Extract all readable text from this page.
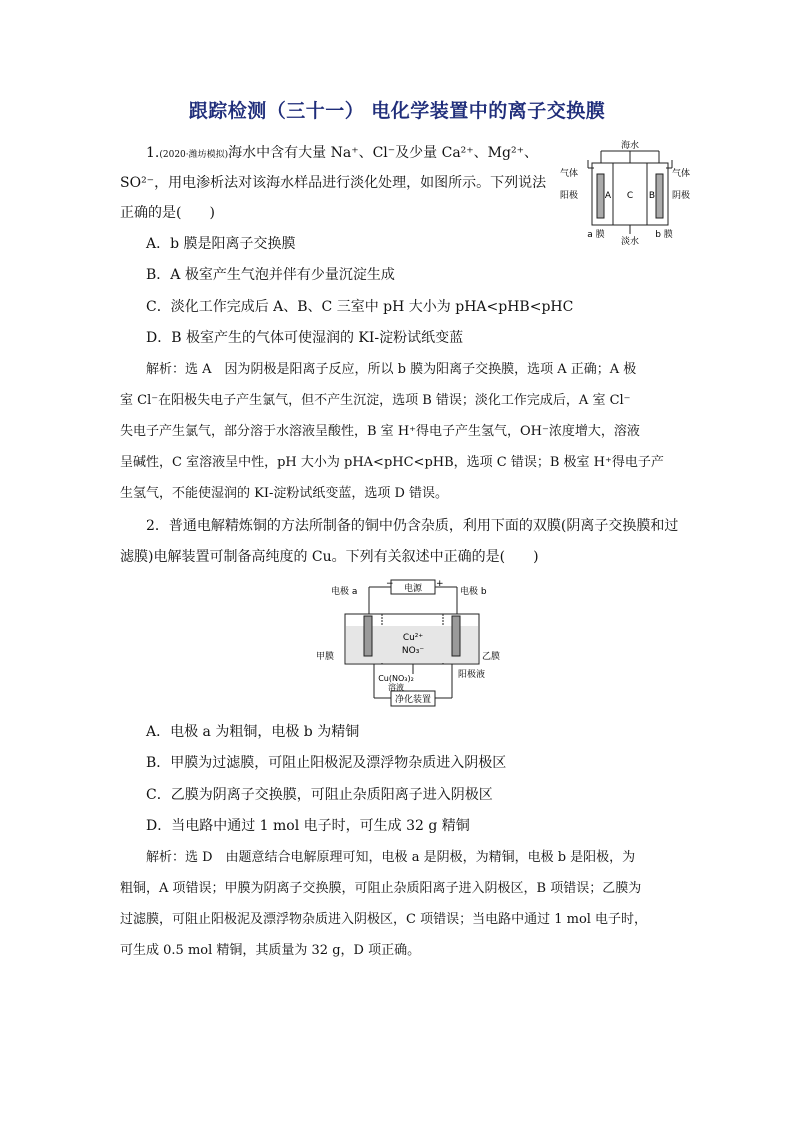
跟踪检测（三十一） 电化学装置中的离子交换膜
1.(2020·潍坊模拟)海水中含有大量 Na⁺、Cl⁻及少量 Ca²⁺、Mg²⁺、
SO²⁻，用电渗析法对该海水样品进行淡化处理，如图所示。下列说法
正确的是(　　)
A．b 膜是阳离子交换膜
B．A 极室产生气泡并伴有少量沉淀生成
C．淡化工作完成后 A、B、C 三室中 pH 大小为 pHA<pHB<pHC
D．B 极室产生的气体可使湿润的 KI-淀粉试纸变蓝
解析：选 A　因为阴极是阳离子反应，所以 b 膜为阳离子交换膜，选项 A 正确；A 极
室 Cl⁻在阳极失电子产生氯气，但不产生沉淀，选项 B 错误；淡化工作完成后，A 室 Cl⁻
失电子产生氯气，部分溶于水溶液呈酸性，B 室 H⁺得电子产生氢气，OH⁻浓度增大，溶液
呈碱性，C 室溶液呈中性，pH 大小为 pHA<pHC<pHB，选项 C 错误；B 极室 H⁺得电子产
生氢气，不能使湿润的 KI-淀粉试纸变蓝，选项 D 错误。
海水
气体	气体
阳极	阴极
A C B
a 膜
淡水
b 膜
2．普通电解精炼铜的方法所制备的铜中仍含杂质，利用下面的双膜(阴离子交换膜和过
滤膜)电解装置可制备高纯度的 Cu。下列有关叙述中正确的是(　　)
电源
−	+
电极 a	电极 b
Cu²⁺
NO₃⁻
甲膜	乙膜
Cu(NO₃)₂
溶液
阳极液
净化装置
A．电极 a 为粗铜，电极 b 为精铜
B．甲膜为过滤膜，可阻止阳极泥及漂浮物杂质进入阴极区
C．乙膜为阴离子交换膜，可阻止杂质阳离子进入阴极区
D．当电路中通过 1 mol 电子时，可生成 32 g 精铜
解析：选 D　由题意结合电解原理可知，电极 a 是阴极，为精铜，电极 b 是阳极，为
粗铜，A 项错误；甲膜为阴离子交换膜，可阻止杂质阳离子进入阴极区，B 项错误；乙膜为
过滤膜，可阻止阳极泥及漂浮物杂质进入阴极区，C 项错误；当电路中通过 1 mol 电子时，
可生成 0.5 mol 精铜，其质量为 32 g，D 项正确。
